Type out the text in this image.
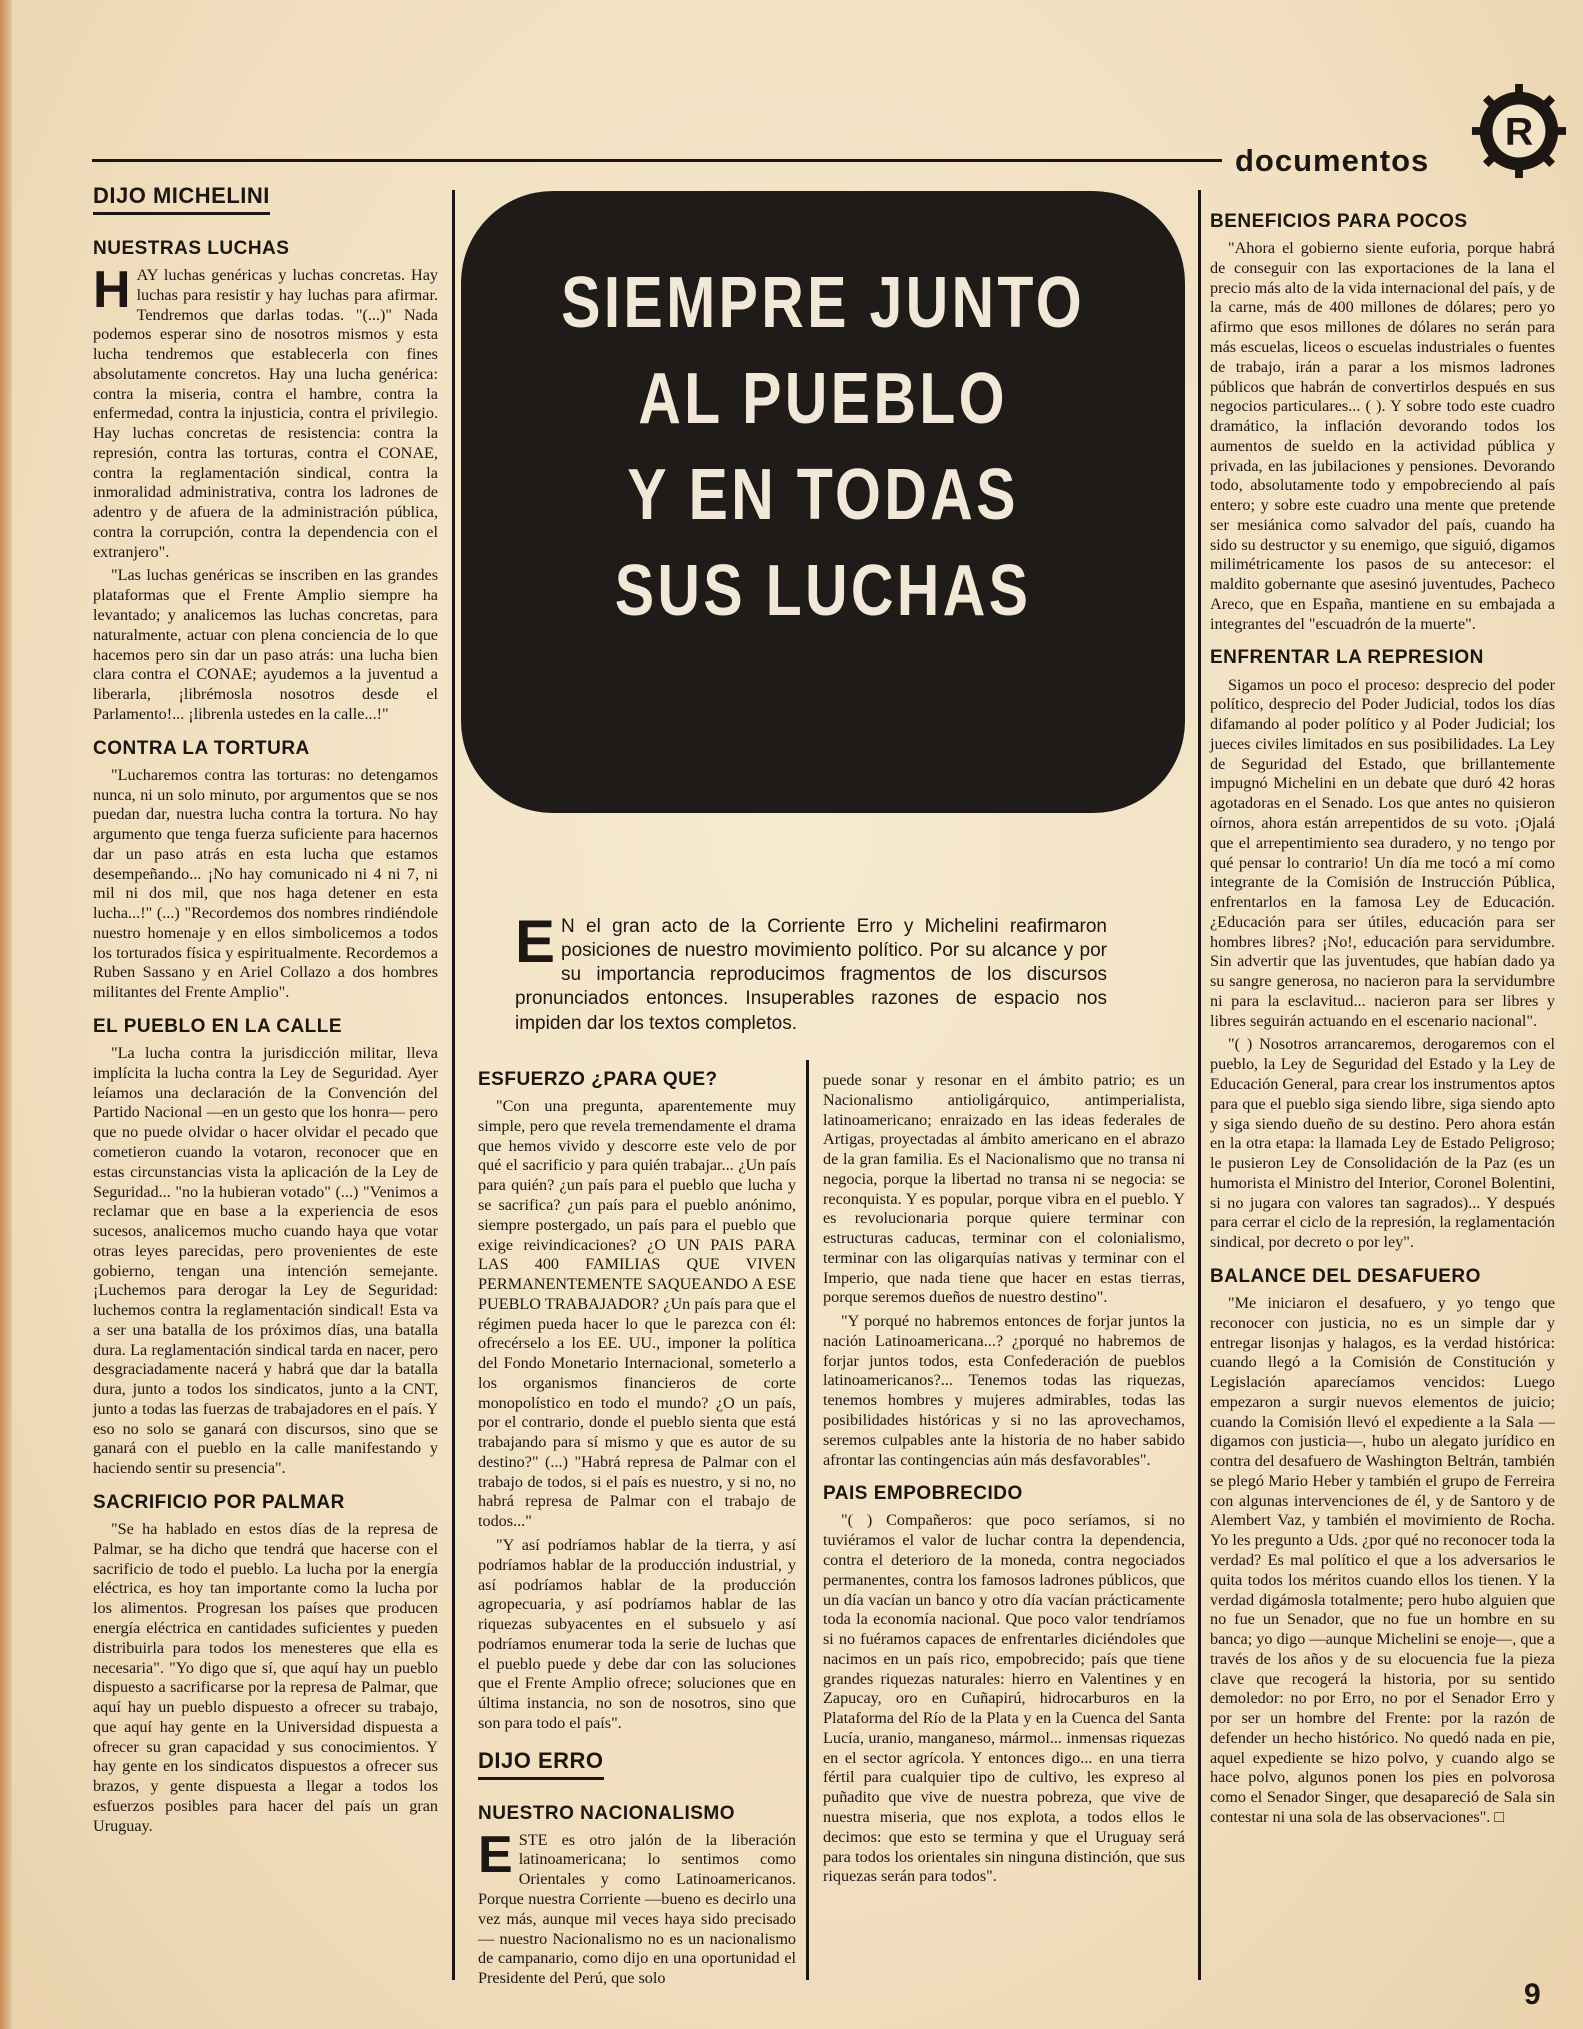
documentos
R
SIEMPRE JUNTO
AL PUEBLO
Y EN TODAS
SUS LUCHAS
E N el gran acto de la Corriente Erro y Michelini reafirmaron posiciones de nuestro movimiento político. Por su alcance y por su importancia reproducimos fragmentos de los discursos pronunciados entonces. Insuperables razones de espacio nos impiden dar los textos completos.
DIJO MICHELINI
NUESTRAS LUCHAS

HAY luchas genéricas y luchas concretas. Hay luchas para resistir y hay luchas para afirmar. Tendremos que darlas todas. "(...)" Nada podemos esperar sino de nosotros mismos y esta lucha tendremos que establecerla con fines absolutamente concretos. Hay una lucha genérica: contra la miseria, contra el hambre, contra la enfermedad, contra la injusticia, contra el privilegio. Hay luchas concretas de resistencia: contra la represión, contra las torturas, contra el CONAE, contra la reglamentación sindical, contra la inmoralidad administrativa, contra los ladrones de adentro y de afuera de la administración pública, contra la corrupción, contra la dependencia con el extranjero".

"Las luchas genéricas se inscriben en las grandes plataformas que el Frente Amplio siempre ha levantado; y analicemos las luchas concretas, para naturalmente, actuar con plena conciencia de lo que hacemos pero sin dar un paso atrás: una lucha bien clara contra el CONAE; ayudemos a la juventud a liberarla, ¡librémosla nosotros desde el Parlamento!... ¡librenla ustedes en la calle...!"

CONTRA LA TORTURA

"Lucharemos contra las torturas: no detengamos nunca, ni un solo minuto, por argumentos que se nos puedan dar, nuestra lucha contra la tortura. No hay argumento que tenga fuerza suficiente para hacernos dar un paso atrás en esta lucha que estamos desempeñando... ¡No hay comunicado ni 4 ni 7, ni mil ni dos mil, que nos haga detener en esta lucha...!" (...) "Recordemos dos nombres rindiéndole nuestro homenaje y en ellos simbolicemos a todos los torturados física y espiritualmente. Recordemos a Ruben Sassano y en Ariel Collazo a dos hombres militantes del Frente Amplio".

EL PUEBLO EN LA CALLE

"La lucha contra la jurisdicción militar, lleva implícita la lucha contra la Ley de Seguridad. Ayer leíamos una declaración de la Convención del Partido Nacional —en un gesto que los honra— pero que no puede olvidar o hacer olvidar el pecado que cometieron cuando la votaron, reconocer que en estas circunstancias vista la aplicación de la Ley de Seguridad... "no la hubieran votado" (...) "Venimos a reclamar que en base a la experiencia de esos sucesos, analicemos mucho cuando haya que votar otras leyes parecidas, pero provenientes de este gobierno, tengan una intención semejante. ¡Luchemos para derogar la Ley de Seguridad: luchemos contra la reglamentación sindical! Esta va a ser una batalla de los próximos días, una batalla dura. La reglamentación sindical tarda en nacer, pero desgraciadamente nacerá y habrá que dar la batalla dura, junto a todos los sindicatos, junto a la CNT, junto a todas las fuerzas de trabajadores en el país. Y eso no solo se ganará con discursos, sino que se ganará con el pueblo en la calle manifestando y haciendo sentir su presencia".

SACRIFICIO POR PALMAR

"Se ha hablado en estos días de la represa de Palmar, se ha dicho que tendrá que hacerse con el sacrificio de todo el pueblo. La lucha por la energía eléctrica, es hoy tan importante como la lucha por los alimentos. Progresan los países que producen energía eléctrica en cantidades suficientes y pueden distribuirla para todos los menesteres que ella es necesaria". "Yo digo que sí, que aquí hay un pueblo dispuesto a sacrificarse por la represa de Palmar, que aquí hay un pueblo dispuesto a ofrecer su trabajo, que aquí hay gente en la Universidad dispuesta a ofrecer su gran capacidad y sus conocimientos. Y hay gente en los sindicatos dispuestos a ofrecer sus brazos, y gente dispuesta a llegar a todos los esfuerzos posibles para hacer del país un gran Uruguay.

ESFUERZO ¿PARA QUE?

"Con una pregunta, aparentemente muy simple, pero que revela tremendamente el drama que hemos vivido y descorre este velo de por qué el sacrificio y para quién trabajar... ¿Un país para quién? ¿un país para el pueblo que lucha y se sacrifica? ¿un país para el pueblo anónimo, siempre postergado, un país para el pueblo que exige reivindicaciones? ¿O UN PAIS PARA LAS 400 FAMILIAS QUE VIVEN PERMANENTEMENTE SAQUEANDO A ESE PUEBLO TRABAJADOR? ¿Un país para que el régimen pueda hacer lo que le parezca con él: ofrecérselo a los EE. UU., imponer la política del Fondo Monetario Internacional, someterlo a los organismos financieros de corte monopolístico en todo el mundo? ¿O un país, por el contrario, donde el pueblo sienta que está trabajando para sí mismo y que es autor de su destino?" (...) "Habrá represa de Palmar con el trabajo de todos, si el país es nuestro, y si no, no habrá represa de Palmar con el trabajo de todos..."

"Y así podríamos hablar de la tierra, y así podríamos hablar de la producción industrial, y así podríamos hablar de la producción agropecuaria, y así podríamos hablar de las riquezas subyacentes en el subsuelo y así podríamos enumerar toda la serie de luchas que el pueblo puede y debe dar con las soluciones que el Frente Amplio ofrece; soluciones que en última instancia, no son de nosotros, sino que son para todo el país".

DIJO ERRO
NUESTRO NACIONALISMO

ESTE es otro jalón de la liberación latinoamericana; lo sentimos como Orientales y como Latinoamericanos. Porque nuestra Corriente —bueno es decirlo una vez más, aunque mil veces haya sido precisado— nuestro Nacionalismo no es un nacionalismo de campanario, como dijo en una oportunidad el Presidente del Perú, que solo

puede sonar y resonar en el ámbito patrio; es un Nacionalismo antioligárquico, antimperialista, latinoamericano; enraizado en las ideas federales de Artigas, proyectadas al ámbito americano en el abrazo de la gran familia. Es el Nacionalismo que no transa ni negocia, porque la libertad no transa ni se negocia: se reconquista. Y es popular, porque vibra en el pueblo. Y es revolucionaria porque quiere terminar con estructuras caducas, terminar con el colonialismo, terminar con las oligarquías nativas y terminar con el Imperio, que nada tiene que hacer en estas tierras, porque seremos dueños de nuestro destino".

"Y porqué no habremos entonces de forjar juntos la nación Latinoamericana...? ¿porqué no habremos de forjar juntos todos, esta Confederación de pueblos latinoamericanos?... Tenemos todas las riquezas, tenemos hombres y mujeres admirables, todas las posibilidades históricas y si no las aprovechamos, seremos culpables ante la historia de no haber sabido afrontar las contingencias aún más desfavorables".

PAIS EMPOBRECIDO

"( ) Compañeros: que poco seríamos, si no tuviéramos el valor de luchar contra la dependencia, contra el deterioro de la moneda, contra negociados permanentes, contra los famosos ladrones públicos, que un día vacían un banco y otro día vacían prácticamente toda la economía nacional. Que poco valor tendríamos si no fuéramos capaces de enfrentarles diciéndoles que nacimos en un país rico, empobrecido; país que tiene grandes riquezas naturales: hierro en Valentines y en Zapucay, oro en Cuñapirú, hidrocarburos en la Plataforma del Río de la Plata y en la Cuenca del Santa Lucía, uranio, manganeso, mármol... inmensas riquezas en el sector agrícola. Y entonces digo... en una tierra fértil para cualquier tipo de cultivo, les expreso al puñadito que vive de nuestra pobreza, que vive de nuestra miseria, que nos explota, a todos ellos le decimos: que esto se termina y que el Uruguay será para todos los orientales sin ninguna distinción, que sus riquezas serán para todos".

BENEFICIOS PARA POCOS

"Ahora el gobierno siente euforia, porque habrá de conseguir con las exportaciones de la lana el precio más alto de la vida internacional del país, y de la carne, más de 400 millones de dólares; pero yo afirmo que esos millones de dólares no serán para más escuelas, liceos o escuelas industriales o fuentes de trabajo, irán a parar a los mismos ladrones públicos que habrán de convertirlos después en sus negocios particulares... ( ). Y sobre todo este cuadro dramático, la inflación devorando todos los aumentos de sueldo en la actividad pública y privada, en las jubilaciones y pensiones. Devorando todo, absolutamente todo y empobreciendo al país entero; y sobre este cuadro una mente que pretende ser mesiánica como salvador del país, cuando ha sido su destructor y su enemigo, que siguió, digamos milimétricamente los pasos de su antecesor: el maldito gobernante que asesinó juventudes, Pacheco Areco, que en España, mantiene en su embajada a integrantes del "escuadrón de la muerte".

ENFRENTAR LA REPRESION

Sigamos un poco el proceso: desprecio del poder político, desprecio del Poder Judicial, todos los días difamando al poder político y al Poder Judicial; los jueces civiles limitados en sus posibilidades. La Ley de Seguridad del Estado, que brillantemente impugnó Michelini en un debate que duró 42 horas agotadoras en el Senado. Los que antes no quisieron oírnos, ahora están arrepentidos de su voto. ¡Ojalá que el arrepentimiento sea duradero, y no tengo por qué pensar lo contrario! Un día me tocó a mí como integrante de la Comisión de Instrucción Pública, enfrentarlos en la famosa Ley de Educación. ¿Educación para ser útiles, educación para ser hombres libres? ¡No!, educación para servidumbre. Sin advertir que las juventudes, que habían dado ya su sangre generosa, no nacieron para la servidumbre ni para la esclavitud... nacieron para ser libres y libres seguirán actuando en el escenario nacional".

"( ) Nosotros arrancaremos, derogaremos con el pueblo, la Ley de Seguridad del Estado y la Ley de Educación General, para crear los instrumentos aptos para que el pueblo siga siendo libre, siga siendo apto y siga siendo dueño de su destino. Pero ahora están en la otra etapa: la llamada Ley de Estado Peligroso; le pusieron Ley de Consolidación de la Paz (es un humorista el Ministro del Interior, Coronel Bolentini, si no jugara con valores tan sagrados)... Y después para cerrar el ciclo de la represión, la reglamentación sindical, por decreto o por ley".

BALANCE DEL DESAFUERO

"Me iniciaron el desafuero, y yo tengo que reconocer con justicia, no es un simple dar y entregar lisonjas y halagos, es la verdad histórica: cuando llegó a la Comisión de Constitución y Legislación aparecíamos vencidos: Luego empezaron a surgir nuevos elementos de juicio; cuando la Comisión llevó el expediente a la Sala —digamos con justicia—, hubo un alegato jurídico en contra del desafuero de Washington Beltrán, también se plegó Mario Heber y también el grupo de Ferreira con algunas intervenciones de él, y de Santoro y de Alembert Vaz, y también el movimiento de Rocha. Yo les pregunto a Uds. ¿por qué no reconocer toda la verdad? Es mal político el que a los adversarios le quita todos los méritos cuando ellos los tienen. Y la verdad digámosla totalmente; pero hubo alguien que no fue un Senador, que no fue un hombre en su banca; yo digo —aunque Michelini se enoje—, que a través de los años y de su elocuencia fue la pieza clave que recogerá la historia, por su sentido demoledor: no por Erro, no por el Senador Erro y por ser un hombre del Frente: por la razón de defender un hecho histórico. No quedó nada en pie, aquel expediente se hizo polvo, y cuando algo se hace polvo, algunos ponen los pies en polvorosa como el Senador Singer, que desapareció de Sala sin contestar ni una sola de las observaciones". □

9
